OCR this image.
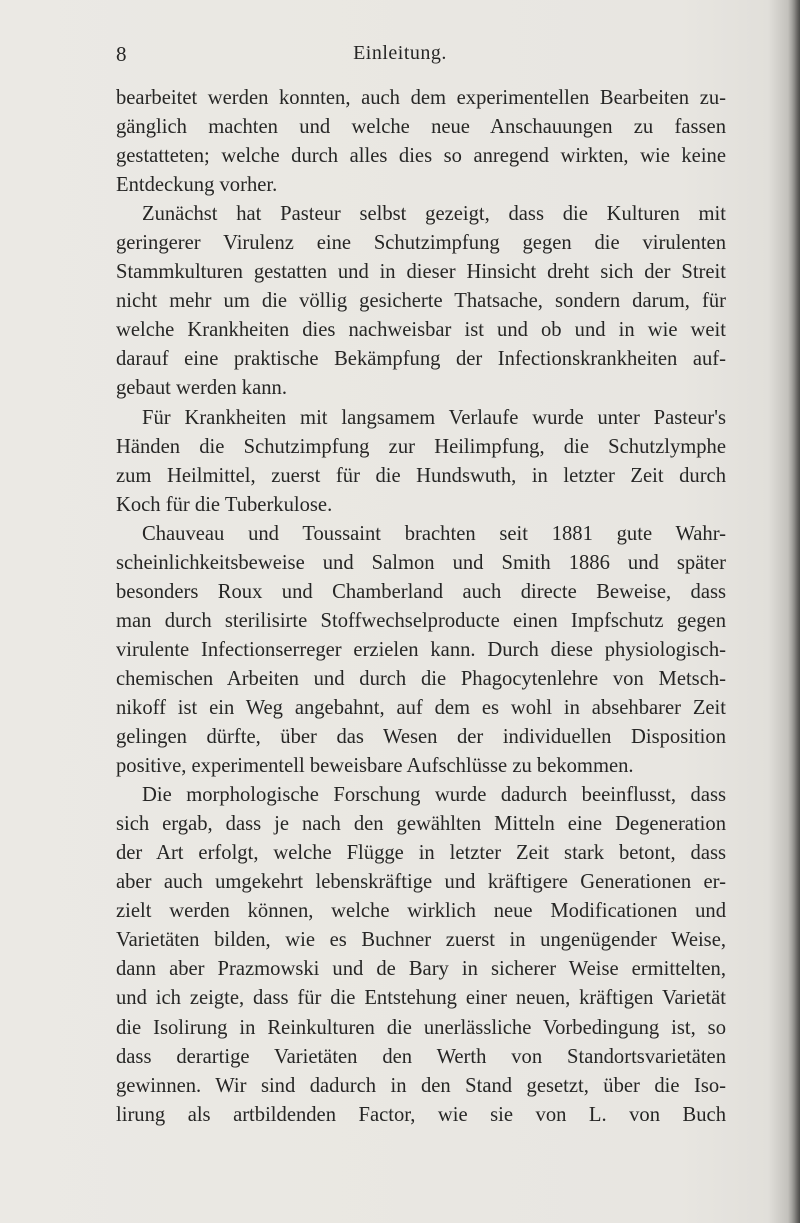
8	Einleitung.
bearbeitet werden konnten, auch dem experimentellen Bearbeiten zu-
gänglich machten und welche neue Anschauungen zu fassen
gestatteten; welche durch alles dies so anregend wirkten, wie keine
Entdeckung vorher.
Zunächst hat Pasteur selbst gezeigt, dass die Kulturen mit
geringerer Virulenz eine Schutzimpfung gegen die virulenten
Stammkulturen gestatten und in dieser Hinsicht dreht sich der Streit
nicht mehr um die völlig gesicherte Thatsache, sondern darum, für
welche Krankheiten dies nachweisbar ist und ob und in wie weit
darauf eine praktische Bekämpfung der Infectionskrankheiten auf-
gebaut werden kann.
Für Krankheiten mit langsamem Verlaufe wurde unter Pasteur's
Händen die Schutzimpfung zur Heilimpfung, die Schutzlymphe
zum Heilmittel, zuerst für die Hundswuth, in letzter Zeit durch
Koch für die Tuberkulose.
Chauveau und Toussaint brachten seit 1881 gute Wahr-
scheinlichkeitsbeweise und Salmon und Smith 1886 und später
besonders Roux und Chamberland auch directe Beweise, dass
man durch sterilisirte Stoffwechselproducte einen Impfschutz gegen
virulente Infectionserreger erzielen kann. Durch diese physiologisch-
chemischen Arbeiten und durch die Phagocytenlehre von Metsch-
nikoff ist ein Weg angebahnt, auf dem es wohl in absehbarer Zeit
gelingen dürfte, über das Wesen der individuellen Disposition
positive, experimentell beweisbare Aufschlüsse zu bekommen.
Die morphologische Forschung wurde dadurch beeinflusst, dass
sich ergab, dass je nach den gewählten Mitteln eine Degeneration
der Art erfolgt, welche Flügge in letzter Zeit stark betont, dass
aber auch umgekehrt lebenskräftige und kräftigere Generationen er-
zielt werden können, welche wirklich neue Modificationen und
Varietäten bilden, wie es Buchner zuerst in ungenügender Weise,
dann aber Prazmowski und de Bary in sicherer Weise ermittelten,
und ich zeigte, dass für die Entstehung einer neuen, kräftigen Varietät
die Isolirung in Reinkulturen die unerlässliche Vorbedingung ist, so
dass derartige Varietäten den Werth von Standortsvarietäten
gewinnen. Wir sind dadurch in den Stand gesetzt, über die Iso-
lirung als artbildenden Factor, wie sie von L. von Buch
